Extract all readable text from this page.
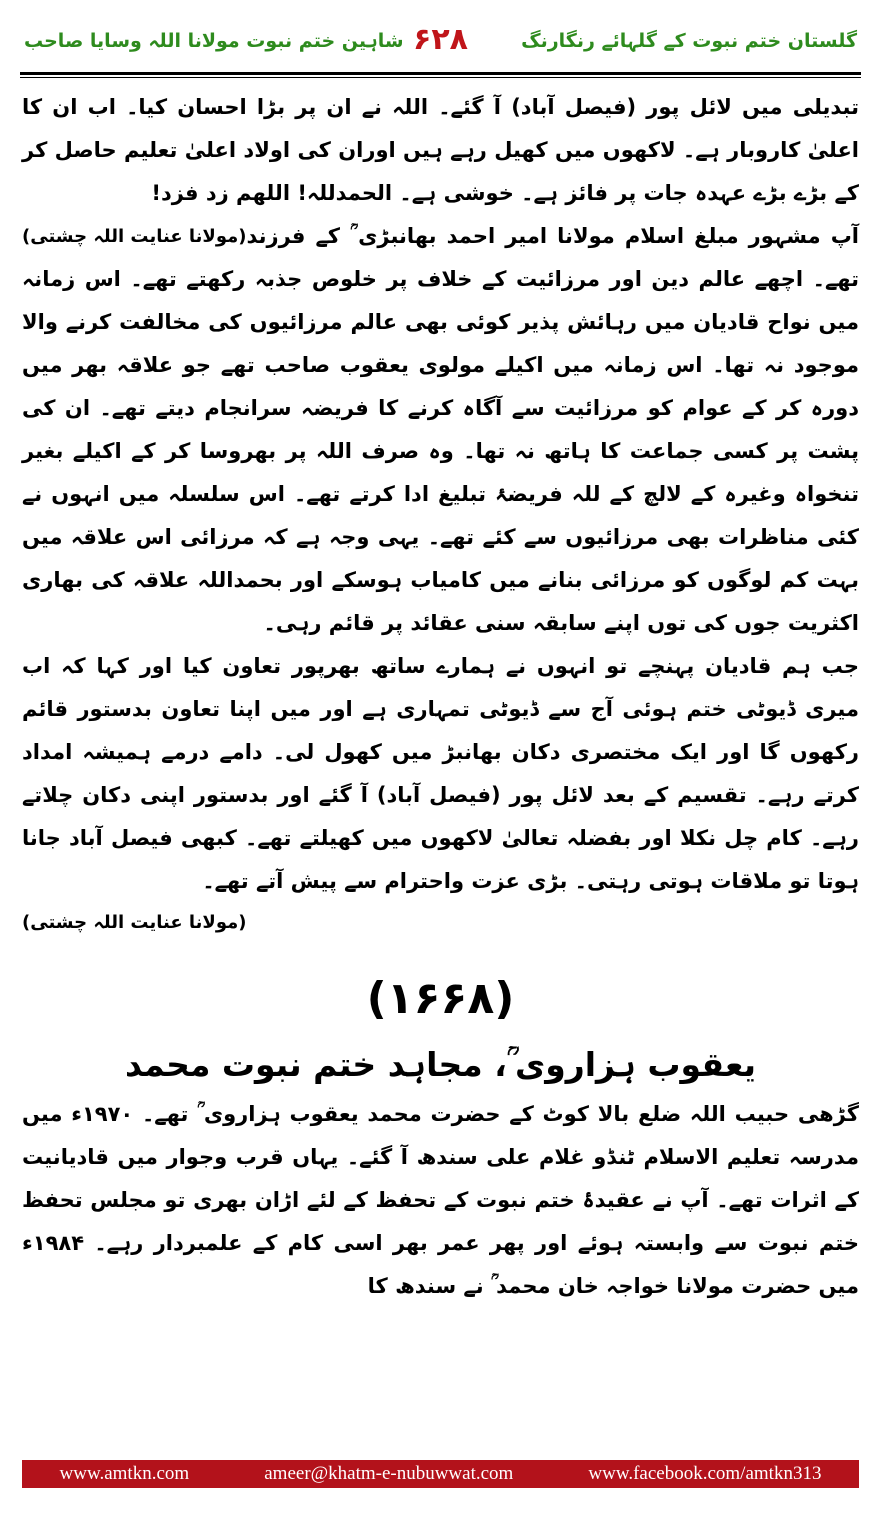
گلستان ختم نبوت کے گلہائے رنگارنگ
۶۲۸
شاہین ختم نبوت مولانا اللہ وسایا صاحب

تبدیلی میں لائل پور (فیصل آباد) آ گئے۔ اللہ نے ان پر بڑا احسان کیا۔ اب ان کا اعلیٰ کاروبار ہے۔ لاکھوں میں کھیل رہے ہیں اوران کی اولاد اعلیٰ تعلیم حاصل کر کے بڑے بڑے عہدہ جات پر فائز ہے۔ خوشی ہے۔ الحمدللہ! اللھم زد فزد!
(مولانا عنایت اللہ چشتی) آپ مشہور مبلغ اسلام مولانا امیر احمد بھانبڑی ؒ کے فرزند تھے۔ اچھے عالم دین اور مرزائیت کے خلاف پر خلوص جذبہ رکھتے تھے۔ اس زمانہ میں نواح قادیان میں رہائش پذیر کوئی بھی عالم مرزائیوں کی مخالفت کرنے والا موجود نہ تھا۔ اس زمانہ میں اکیلے مولوی یعقوب صاحب تھے جو علاقہ بھر میں دورہ کر کے عوام کو مرزائیت سے آگاہ کرنے کا فریضہ سرانجام دیتے تھے۔ ان کی پشت پر کسی جماعت کا ہاتھ نہ تھا۔ وہ صرف اللہ پر بھروسا کر کے اکیلے بغیر تنخواہ وغیرہ کے لالچ کے للہ فریضۂ تبلیغ ادا کرتے تھے۔ اس سلسلہ میں انہوں نے کئی مناظرات بھی مرزائیوں سے کئے تھے۔ یہی وجہ ہے کہ مرزائی اس علاقہ میں بہت کم لوگوں کو مرزائی بنانے میں کامیاب ہوسکے اور بحمداللہ علاقہ کی بھاری اکثریت جوں کی توں اپنے سابقہ سنی عقائد پر قائم رہی۔

جب ہم قادیان پہنچے تو انہوں نے ہمارے ساتھ بھرپور تعاون کیا اور کہا کہ اب میری ڈیوٹی ختم ہوئی آج سے ڈیوٹی تمہاری ہے اور میں اپنا تعاون بدستور قائم رکھوں گا اور ایک مختصری دکان بھانبڑ میں کھول لی۔ دامے درمے ہمیشہ امداد کرتے رہے۔ تقسیم کے بعد لائل پور (فیصل آباد) آ گئے اور بدستور اپنی دکان چلاتے رہے۔ کام چل نکلا اور بفضلہ تعالیٰ لاکھوں میں کھیلتے تھے۔ کبھی فیصل آباد جانا ہوتا تو ملاقات ہوتی رہتی۔ بڑی عزت واحترام سے پیش آتے تھے۔

(مولانا عنایت اللہ چشتی)

(۱۶۶۸)
یعقوب ہزاروی ؒ، مجاہد ختم نبوت محمد

گڑھی حبیب اللہ ضلع بالا کوٹ کے حضرت محمد یعقوب ہزاروی ؒ تھے۔ ۱۹۷۰ء میں مدرسہ تعلیم الاسلام ٹنڈو غلام علی سندھ آ گئے۔ یہاں قرب وجوار میں قادیانیت کے اثرات تھے۔ آپ نے عقیدۂ ختم نبوت کے تحفظ کے لئے اڑان بھری تو مجلس تحفظ ختم نبوت سے وابستہ ہوئے اور پھر عمر بھر اسی کام کے علمبردار رہے۔ ۱۹۸۴ء میں حضرت مولانا خواجہ خان محمد ؒ نے سندھ کا

www.amtkn.com	ameer@khatm-e-nubuwwat.com	www.facebook.com/amtkn313
